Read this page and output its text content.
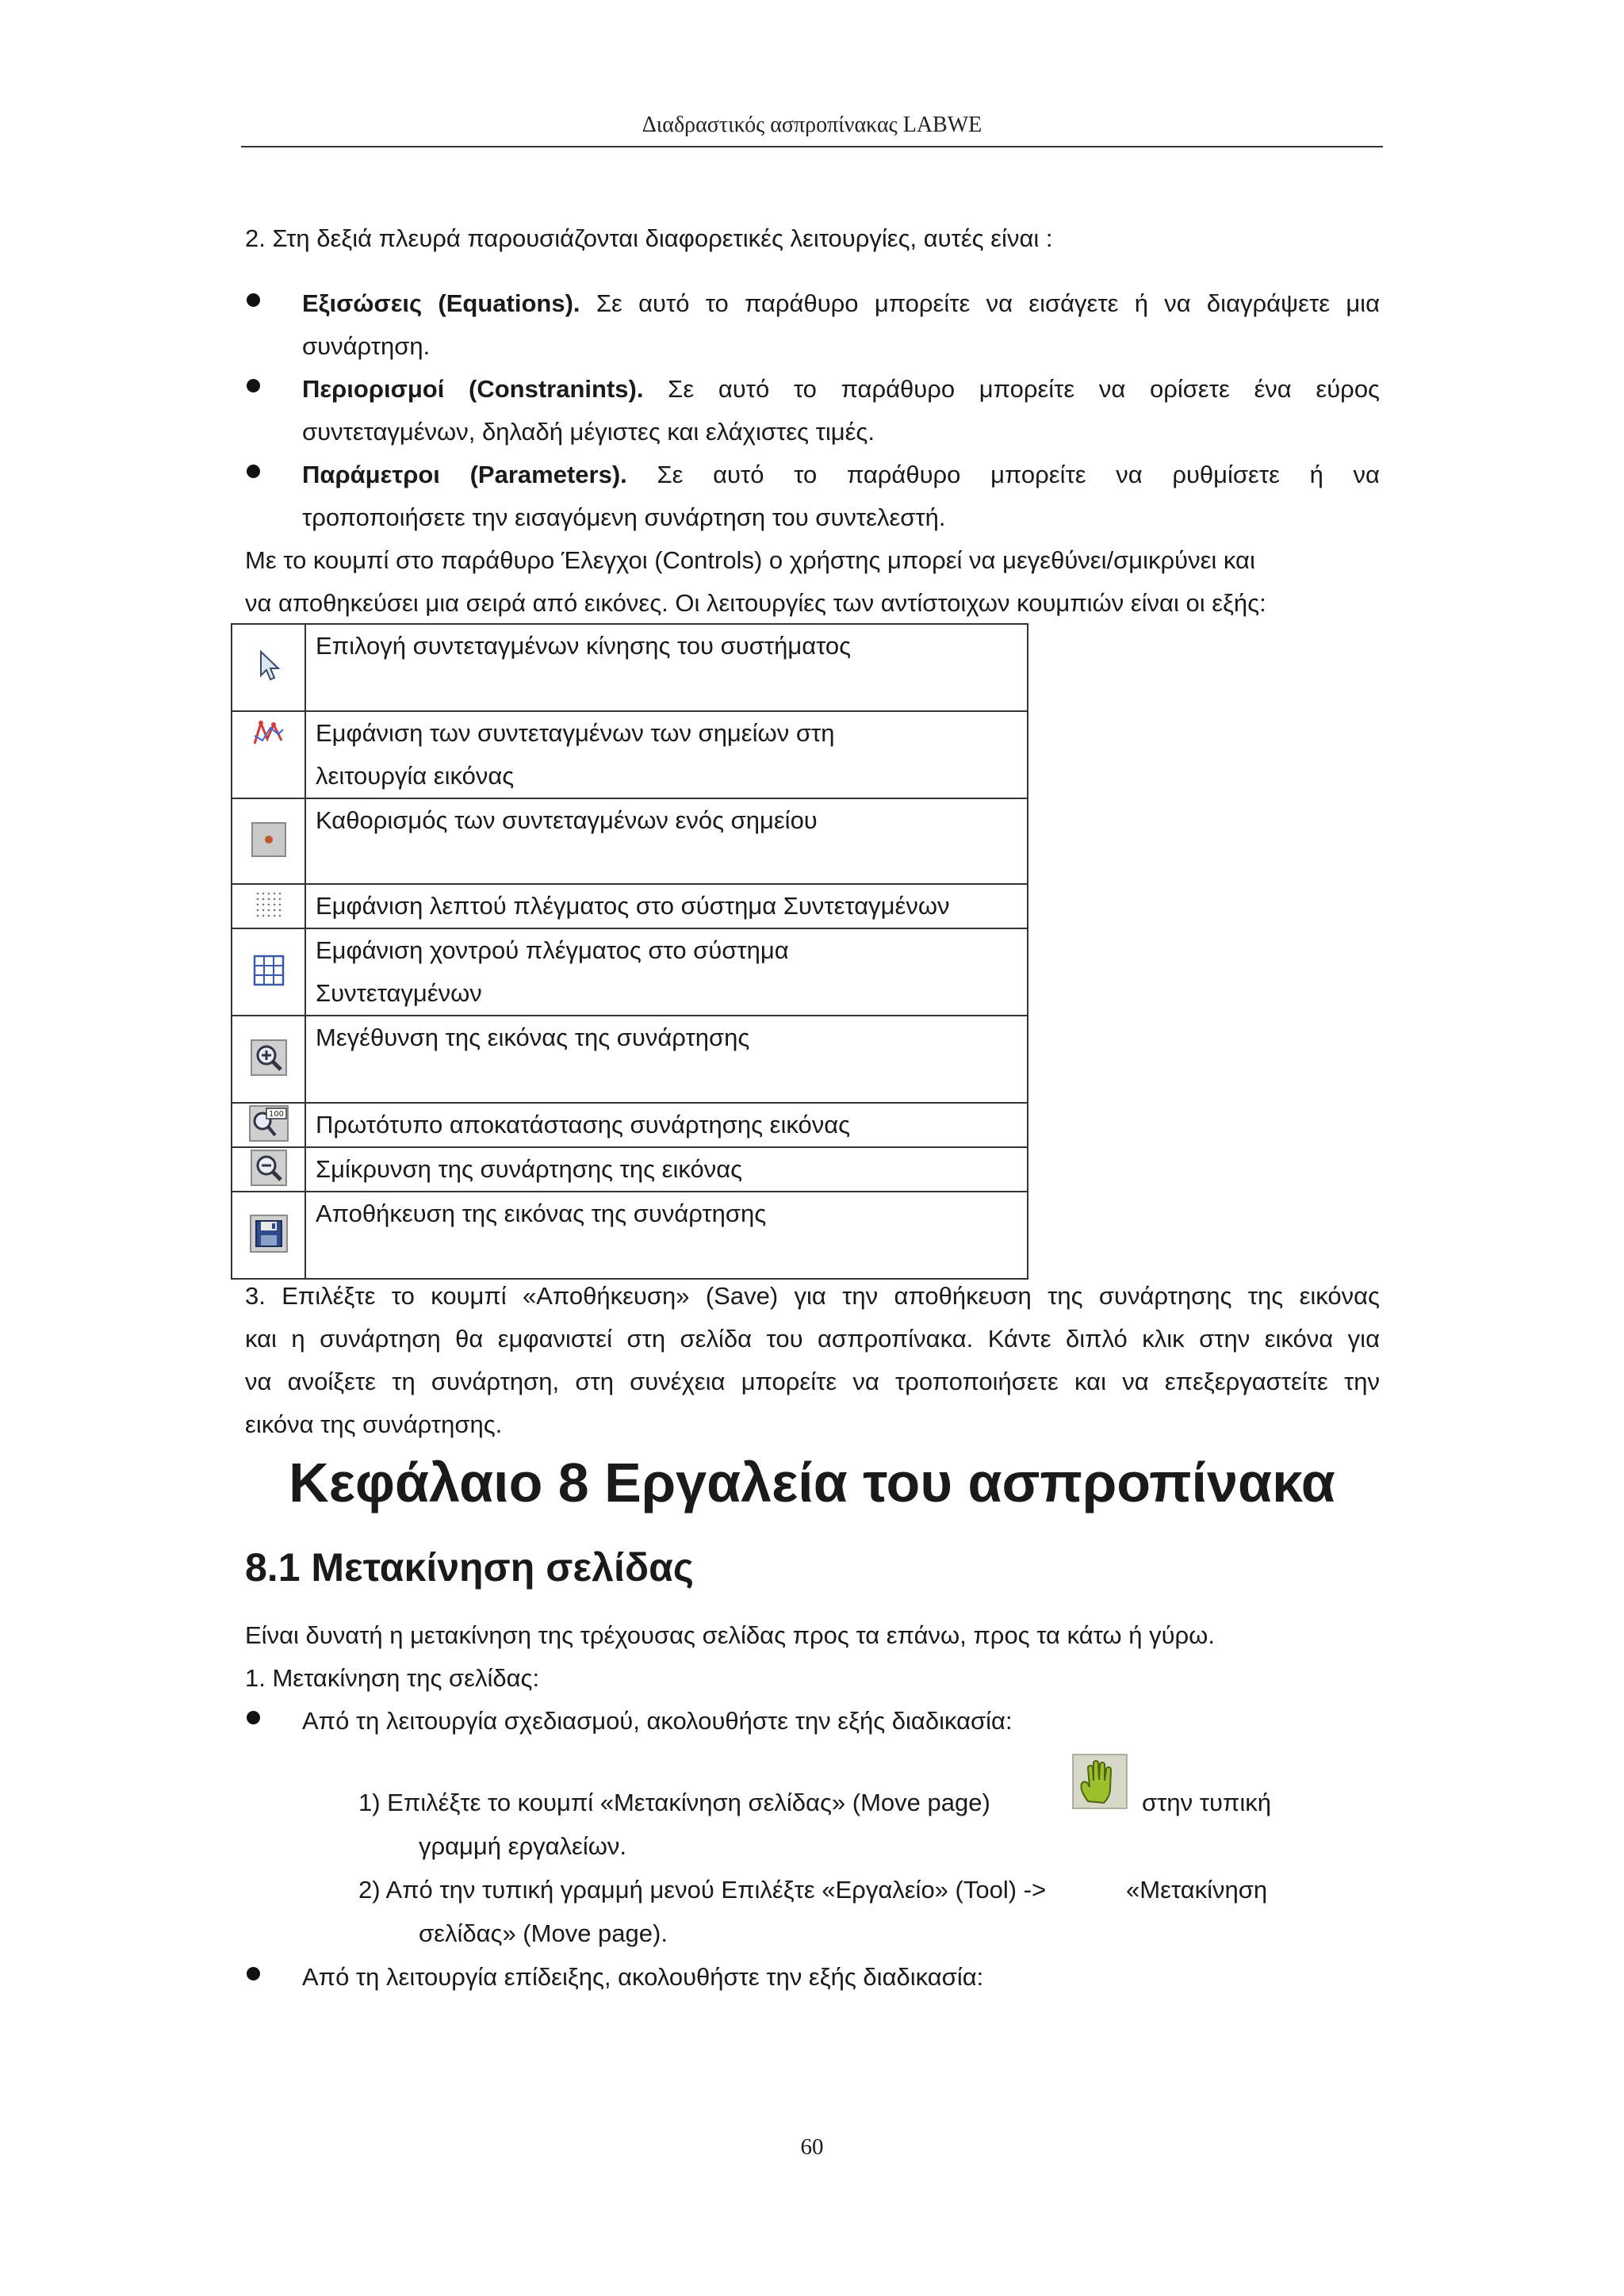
Διαδραστικός ασπροπίνακας LABWE
2. Στη δεξιά πλευρά παρουσιάζονται διαφορετικές λειτουργίες, αυτές είναι :
Εξισώσεις (Equations). Σε αυτό το παράθυρο μπορείτε να εισάγετε ή να διαγράψετε μια
συνάρτηση.
Περιορισμοί (Constranints). Σε αυτό το παράθυρο μπορείτε να ορίσετε ένα εύρος
συντεταγμένων, δηλαδή μέγιστες και ελάχιστες τιμές.
Παράμετροι (Parameters). Σε αυτό το παράθυρο μπορείτε να ρυθμίσετε ή να
τροποποιήσετε την εισαγόμενη συνάρτηση του συντελεστή.
Με το κουμπί στο παράθυρο Έλεγχοι (Controls) ο χρήστης μπορεί να μεγεθύνει/σμικρύνει και
να αποθηκεύσει μια σειρά από εικόνες. Οι λειτουργίες των αντίστοιχων κουμπιών είναι οι εξής:

Επιλογή συντεταγμένων κίνησης του συστήματος

Εμφάνιση των συντεταγμένων των σημείων στη
λειτουργία εικόνας

Καθορισμός των συντεταγμένων ενός σημείου

Εμφάνιση λεπτού πλέγματος στο σύστημα Συντεταγμένων

Εμφάνιση χοντρού πλέγματος στο σύστημα
Συντεταγμένων

Μεγέθυνση της εικόνας της συνάρτησης

100	Πρωτότυπο αποκατάστασης συνάρτησης εικόνας

Σμίκρυνση της συνάρτησης της εικόνας

Αποθήκευση της εικόνας της συνάρτησης
3. Επιλέξτε το κουμπί «Αποθήκευση» (Save) για την αποθήκευση της συνάρτησης της εικόνας
και η συνάρτηση θα εμφανιστεί στη σελίδα του ασπροπίνακα. Κάντε διπλό κλικ στην εικόνα για
να ανοίξετε τη συνάρτηση, στη συνέχεια μπορείτε να τροποποιήσετε και να επεξεργαστείτε την
εικόνα της συνάρτησης.
Κεφάλαιο 8 Εργαλεία του ασπροπίνακα
8.1 Μετακίνηση σελίδας
Είναι δυνατή η μετακίνηση της τρέχουσας σελίδας προς τα επάνω, προς τα κάτω ή γύρω.
1. Μετακίνηση της σελίδας:
Από τη λειτουργία σχεδιασμού, ακολουθήστε την εξής διαδικασία:
1) Επιλέξτε το κουμπί «Μετακίνηση σελίδας» (Move page)	στην τυπική
γραμμή εργαλείων.
2) Από την τυπική γραμμή μενού Επιλέξτε «Εργαλείο» (Tool) ->	«Μετακίνηση
σελίδας» (Move page).
Από τη λειτουργία επίδειξης, ακολουθήστε την εξής διαδικασία:
60
